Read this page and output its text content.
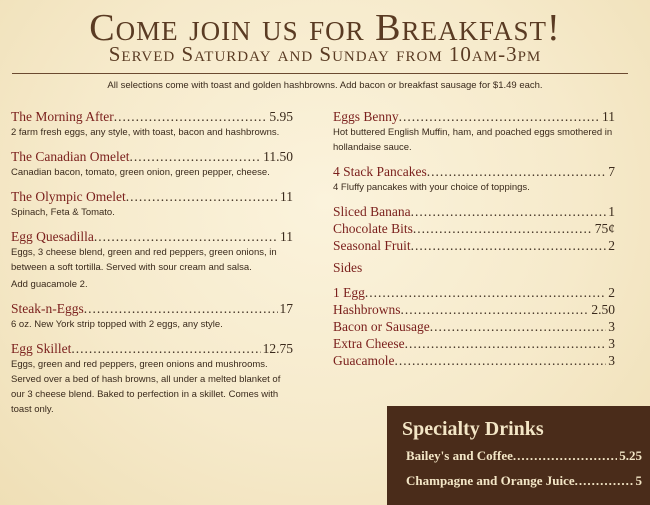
Come join us for Breakfast!
Served Saturday and Sunday from 10am-3pm
All selections come with toast and golden hashbrowns. Add bacon or breakfast sausage for $1.49 each.
The Morning After .....	5.95
2 farm fresh eggs, any style, with toast, bacon and hashbrowns.
The Canadian Omelet .....	11.50
Canadian bacon, tomato, green onion, green pepper, cheese.
The Olympic Omelet .....	11
Spinach, Feta & Tomato.
Egg Quesadilla .....	11
Eggs, 3 cheese blend, green and red peppers, green onions, in between a soft tortilla. Served with sour cream and salsa.
Add guacamole 2.
Steak-n-Eggs .....	17
6 oz. New York strip topped with 2 eggs, any style.
Egg Skillet .....	12.75
Eggs, green and red peppers, green onions and mushrooms. Served over a bed of hash browns, all under a melted blanket of our 3 cheese blend. Baked to perfection in a skillet. Comes with toast only.
Eggs Benny .....	11
Hot buttered English Muffin, ham, and poached eggs smothered in hollandaise sauce.
4 Stack Pancakes .....	7
4 Fluffy pancakes with your choice of toppings.
Sliced Banana .....	1
Chocolate Bits .....	75¢
Seasonal Fruit .....	2
Sides
1 Egg .....	2
Hashbrowns .....	2.50
Bacon or Sausage .....	3
Extra Cheese .....	3
Guacamole .....	3
Specialty Drinks
Bailey's and Coffee .....	5.25
Champagne and Orange Juice .....	5
